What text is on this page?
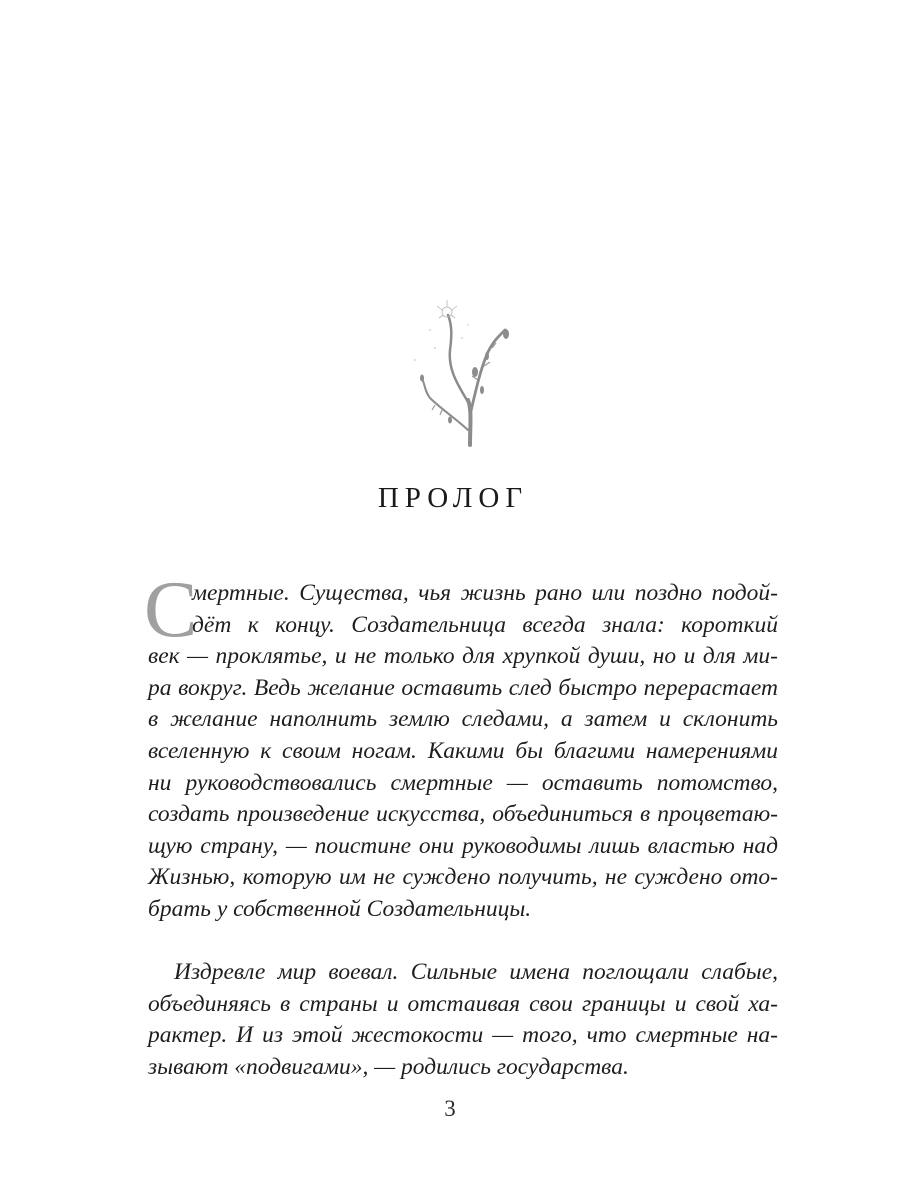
ПРОЛОГ
С
мертные. Существа, чья жизнь рано или поздно подой-
дёт к концу. Создательница всегда знала: короткий
век — проклятье, и не только для хрупкой души, но и для ми-
ра вокруг. Ведь желание оставить след быстро перерастает
в желание наполнить землю следами, а затем и склонить
вселенную к своим ногам. Какими бы благими намерениями
ни руководствовались смертные — оставить потомство,
создать произведение искусства, объединиться в процветаю-
щую страну, — поистине они руководимы лишь властью над
Жизнью, которую им не суждено получить, не суждено ото-
брать у собственной Создательницы.
Издревле мир воевал. Сильные имена поглощали слабые,
объединяясь в страны и отстаивая свои границы и свой ха-
рактер. И из этой жестокости — того, что смертные на-
зывают «подвигами», — родились государства.
3
